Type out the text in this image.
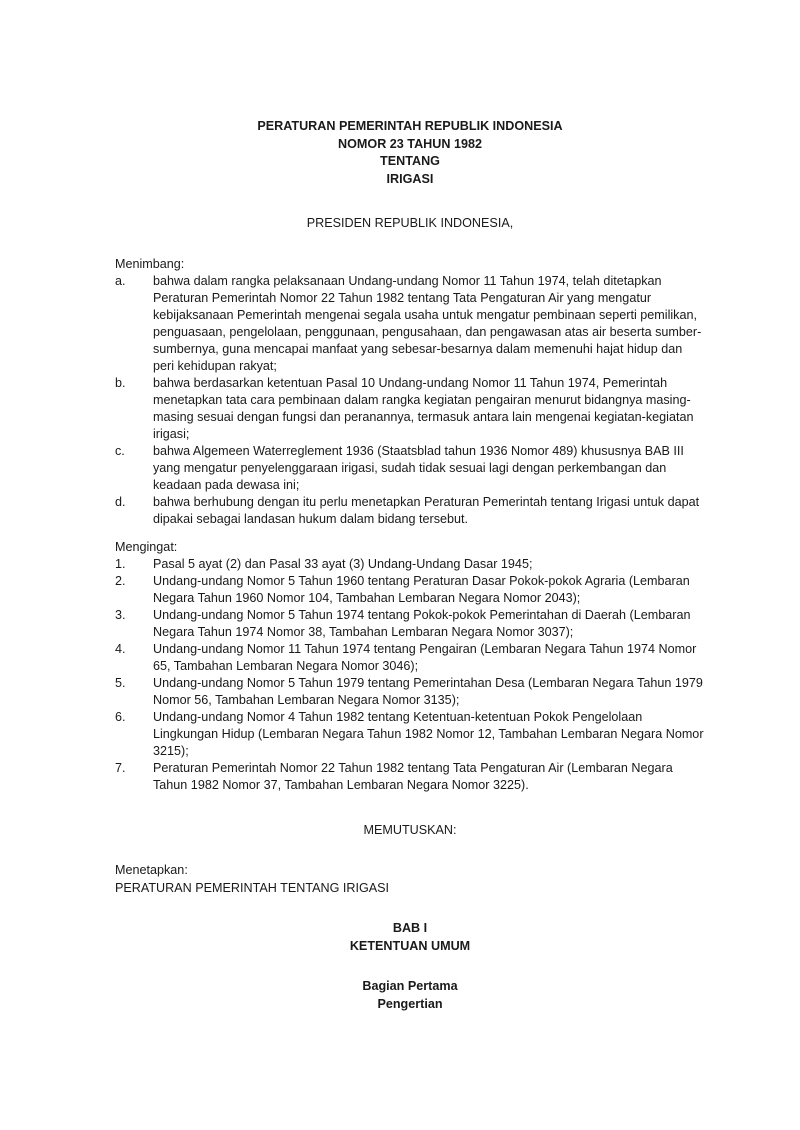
PERATURAN PEMERINTAH REPUBLIK INDONESIA
NOMOR 23 TAHUN 1982
TENTANG
IRIGASI
PRESIDEN REPUBLIK INDONESIA,
Menimbang:
a. bahwa dalam rangka pelaksanaan Undang-undang Nomor 11 Tahun 1974, telah ditetapkan Peraturan Pemerintah Nomor 22 Tahun 1982 tentang Tata Pengaturan Air yang mengatur kebijaksanaan Pemerintah mengenai segala usaha untuk mengatur pembinaan seperti pemilikan, penguasaan, pengelolaan, penggunaan, pengusahaan, dan pengawasan atas air beserta sumber-sumbernya, guna mencapai manfaat yang sebesar-besarnya dalam memenuhi hajat hidup dan peri kehidupan rakyat;
b. bahwa berdasarkan ketentuan Pasal 10 Undang-undang Nomor 11 Tahun 1974, Pemerintah menetapkan tata cara pembinaan dalam rangka kegiatan pengairan menurut bidangnya masing-masing sesuai dengan fungsi dan peranannya, termasuk antara lain mengenai kegiatan-kegiatan irigasi;
c. bahwa Algemeen Waterreglement 1936 (Staatsblad tahun 1936 Nomor 489) khususnya BAB III yang mengatur penyelenggaraan irigasi, sudah tidak sesuai lagi dengan perkembangan dan keadaan pada dewasa ini;
d. bahwa berhubung dengan itu perlu menetapkan Peraturan Pemerintah tentang Irigasi untuk dapat dipakai sebagai landasan hukum dalam bidang tersebut.
Mengingat:
1. Pasal 5 ayat (2) dan Pasal 33 ayat (3) Undang-Undang Dasar 1945;
2. Undang-undang Nomor 5 Tahun 1960 tentang Peraturan Dasar Pokok-pokok Agraria (Lembaran Negara Tahun 1960 Nomor 104, Tambahan Lembaran Negara Nomor 2043);
3. Undang-undang Nomor 5 Tahun 1974 tentang Pokok-pokok Pemerintahan di Daerah (Lembaran Negara Tahun 1974 Nomor 38, Tambahan Lembaran Negara Nomor 3037);
4. Undang-undang Nomor 11 Tahun 1974 tentang Pengairan (Lembaran Negara Tahun 1974 Nomor 65, Tambahan Lembaran Negara Nomor 3046);
5. Undang-undang Nomor 5 Tahun 1979 tentang Pemerintahan Desa (Lembaran Negara Tahun 1979 Nomor 56, Tambahan Lembaran Negara Nomor 3135);
6. Undang-undang Nomor 4 Tahun 1982 tentang Ketentuan-ketentuan Pokok Pengelolaan Lingkungan Hidup (Lembaran Negara Tahun 1982 Nomor 12, Tambahan Lembaran Negara Nomor 3215);
7. Peraturan Pemerintah Nomor 22 Tahun 1982 tentang Tata Pengaturan Air (Lembaran Negara Tahun 1982 Nomor 37, Tambahan Lembaran Negara Nomor 3225).
MEMUTUSKAN:
Menetapkan:
PERATURAN PEMERINTAH TENTANG IRIGASI
BAB I
KETENTUAN UMUM
Bagian Pertama
Pengertian
